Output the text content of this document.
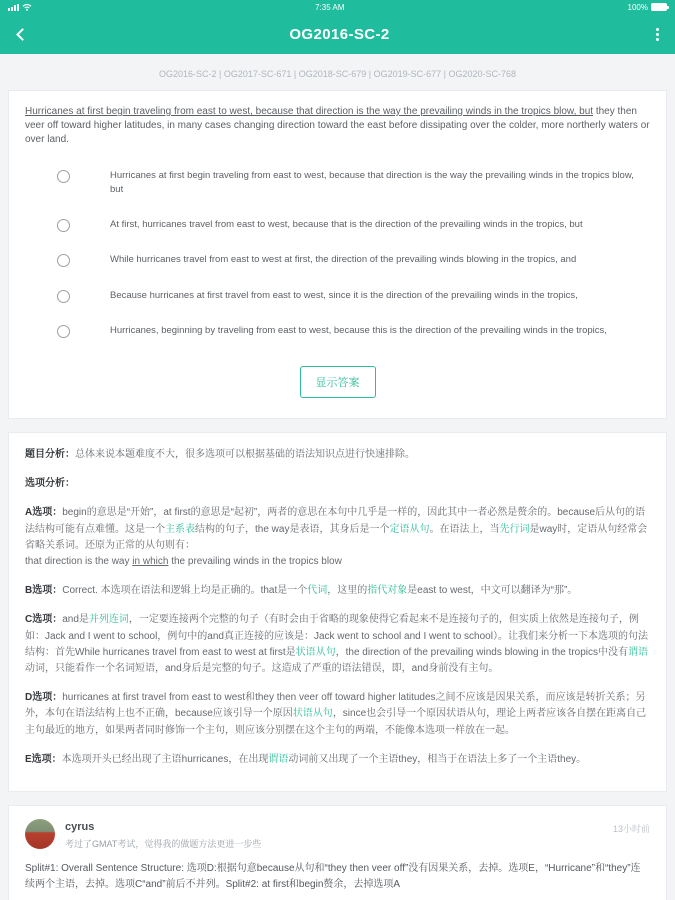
7:35 AM	100%
OG2016-SC-2
OG2016-SC-2 | OG2017-SC-671 | OG2018-SC-679 | OG2019-SC-677 | OG2020-SC-768
Hurricanes at first begin traveling from east to west, because that direction is the way the prevailing winds in the tropics blow, but they then veer off toward higher latitudes, in many cases changing direction toward the east before dissipating over the colder, more northerly waters or over land.
Hurricanes at first begin traveling from east to west, because that direction is the way the prevailing winds in the tropics blow, but
At first, hurricanes travel from east to west, because that is the direction of the prevailing winds in the tropics, but
While hurricanes travel from east to west at first, the direction of the prevailing winds blowing in the tropics, and
Because hurricanes at first travel from east to west, since it is the direction of the prevailing winds in the tropics,
Hurricanes, beginning by traveling from east to west, because this is the direction of the prevailing winds in the tropics,
显示答案

题目分析：总体来说本题难度不大，很多选项可以根据基础的语法知识点进行快速排除。

选项分析：

A选项：begin的意思是“开始”，at first的意思是“起初”，两者的意思在本句中几乎是一样的，因此其中一者必然是赘余的。because后从句的语法结构可能有点难懂。这是一个主系表结构的句子，the way是表语，其身后是一个定语从句。在语法上，当先行词是way时，定语从句经常会省略关系词。还原为正常的从句则有：
that direction is the way in which the prevailing winds in the tropics blow

B选项：Correct. 本选项在语法和逻辑上均是正确的。that是一个代词，这里的指代对象是east to west，中文可以翻译为“那”。

C选项：and是并列连词，一定要连接两个完整的句子（有时会由于省略的现象使得它看起来不是连接句子的，但实质上依然是连接句子，例如：Jack and I went to school，例句中的and真正连接的应该是：Jack went to school and I went to school）。让我们来分析一下本选项的句法结构：首先While hurricanes travel from east to west at first是状语从句，the direction of the prevailing winds blowing in the tropics中没有谓语动词，只能看作一个名词短语，and身后是完整的句子。这造成了严重的语法错误，即，and身前没有主句。

D选项：hurricanes at first travel from east to west和they then veer off toward higher latitudes之间不应该是因果关系，而应该是转折关系；另外，本句在语法结构上也不正确，because应该引导一个原因状语从句，since也会引导一个原因状语从句，理论上两者应该各自摆在距离自己主句最近的地方，如果两者同时修饰一个主句，则应该分别摆在这个主句的两端，不能像本选项一样放在一起。

E选项：本选项开头已经出现了主语hurricanes，在出现谓语动词前又出现了一个主语they，相当于在语法上多了一个主语they。

cyrus
考过了GMAT考试，觉得我的做题方法更进一步些
13小时前
Split#1: Overall Sentence Structure: 选项D:根据句意because从句和“they then veer off”没有因果关系，去掉。选项E，“Hurricane”和“they”连续两个主语，去掉。选项C“and”前后不并列。Split#2: at first和begin赘余，去掉选项A
